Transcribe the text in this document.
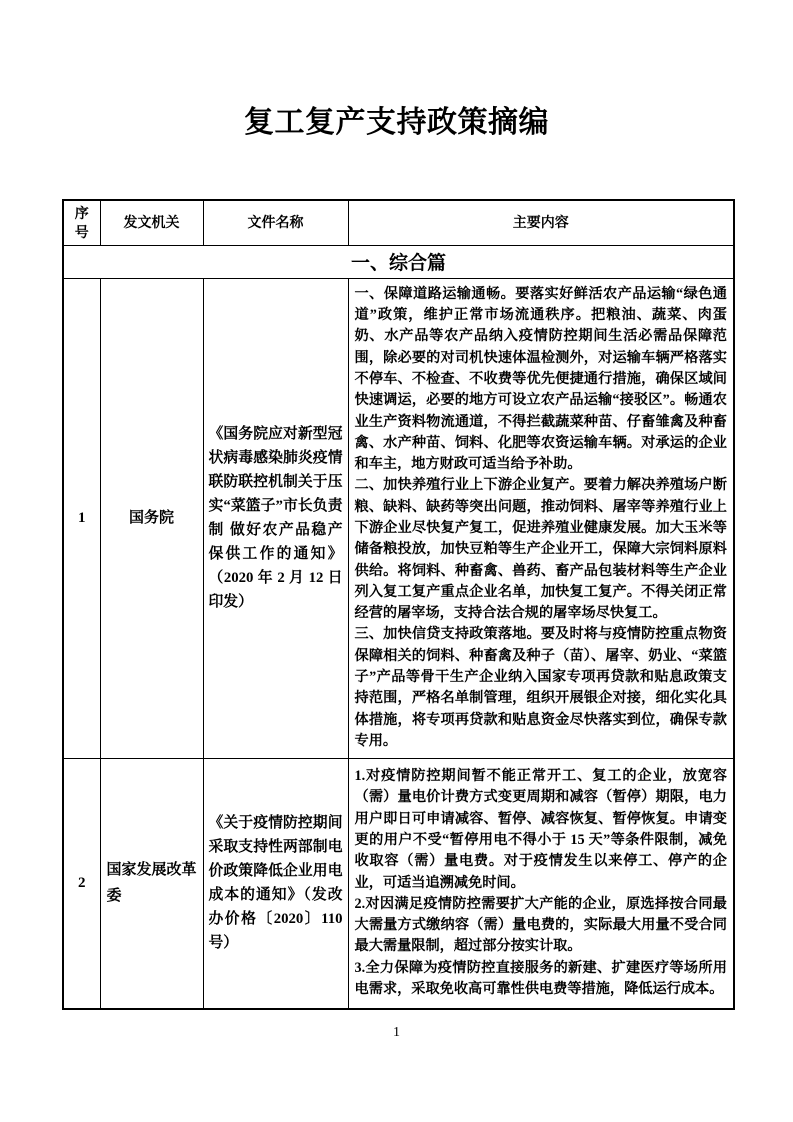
复工复产支持政策摘编
序号	发文机关	文件名称	主要内容
一、综合篇			
1	国务院	《国务院应对新型冠状病毒感染肺炎疫情联防联控机制关于压实“菜篮子”市长负责制 做好农产品稳产保供工作的通知》（2020 年 2 月 12 日印发）	一、保障道路运输通畅。要落实好鲜活农产品运输“绿色通道”政策，维护正常市场流通秩序。把粮油、蔬菜、肉蛋奶、水产品等农产品纳入疫情防控期间生活必需品保障范围，除必要的对司机快速体温检测外，对运输车辆严格落实不停车、不检查、不收费等优先便捷通行措施，确保区域间快速调运，必要的地方可设立农产品运输“接驳区”。畅通农业生产资料物流通道，不得拦截蔬菜种苗、仔畜雏禽及种畜禽、水产种苗、饲料、化肥等农资运输车辆。对承运的企业和车主，地方财政可适当给予补助。

二、加快养殖行业上下游企业复产。要着力解决养殖场户断粮、缺料、缺药等突出问题，推动饲料、屠宰等养殖行业上下游企业尽快复产复工，促进养殖业健康发展。加大玉米等储备粮投放，加快豆粕等生产企业开工，保障大宗饲料原料供给。将饲料、种畜禽、兽药、畜产品包装材料等生产企业列入复工复产重点企业名单，加快复工复产。不得关闭正常经营的屠宰场，支持合法合规的屠宰场尽快复工。

三、加快信贷支持政策落地。要及时将与疫情防控重点物资保障相关的饲料、种畜禽及种子（苗）、屠宰、奶业、“菜篮子”产品等骨干生产企业纳入国家专项再贷款和贴息政策支持范围，严格名单制管理，组织开展银企对接，细化实化具体措施，将专项再贷款和贴息资金尽快落实到位，确保专款专用。

2	国家发展改革委	《关于疫情防控期间采取支持性两部制电价政策降低企业用电成本的通知》（发改办价格〔2020〕110 号）	1.对疫情防控期间暂不能正常开工、复工的企业，放宽容（需）量电价计费方式变更周期和减容（暂停）期限，电力用户即日可申请减容、暂停、减容恢复、暂停恢复。申请变更的用户不受“暂停用电不得小于 15 天”等条件限制，减免收取容（需）量电费。对于疫情发生以来停工、停产的企业，可适当追溯减免时间。

2.对因满足疫情防控需要扩大产能的企业，原选择按合同最大需量方式缴纳容（需）量电费的，实际最大用量不受合同最大需量限制，超过部分按实计取。

3.全力保障为疫情防控直接服务的新建、扩建医疗等场所用电需求，采取免收高可靠性供电费等措施，降低运行成本。

1
